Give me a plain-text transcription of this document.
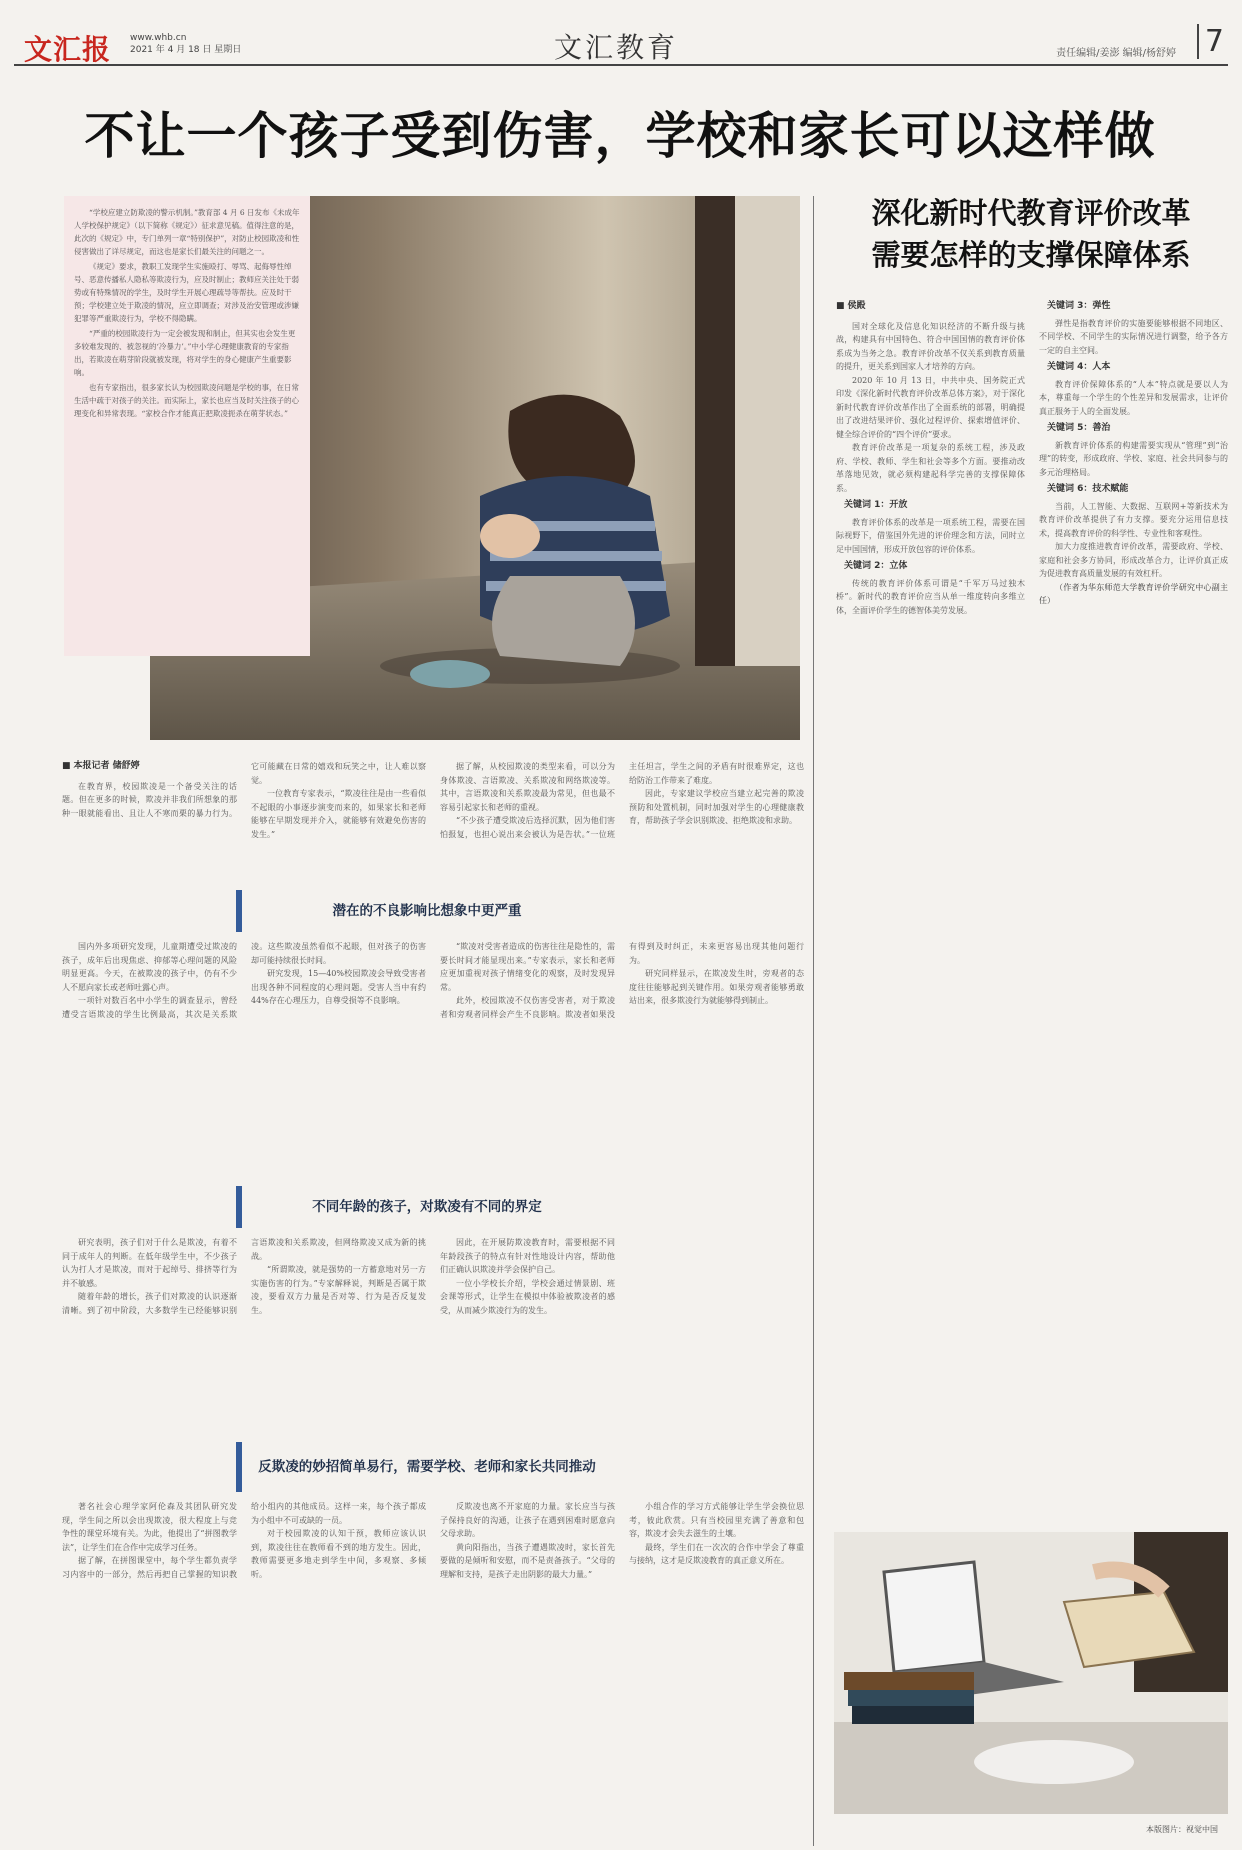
文汇报 www.whb.cn
2021 年 4 月 18 日 星期日	文汇教育	责任编辑/姜澎 编辑/杨舒婷 7
不让一个孩子受到伤害，学校和家长可以这样做

“学校应建立防欺凌的警示机制。”教育部 4 月 6 日发布《未成年人学校保护规定》（以下简称《规定》）征求意见稿。值得注意的是，此次的《规定》中，专门单列一章“特别保护”，对防止校园欺凌和性侵害做出了详尽规定，而这也是家长们最关注的问题之一。

《规定》要求，教职工发现学生实施殴打、辱骂、起侮辱性绰号、恶意传播私人隐私等欺凌行为，应及时制止；教师应关注处于弱势或有特殊情况的学生，及时学生开展心理疏导等帮扶。应及时干预；学校建立处于欺凌的情况，应立即调查；对涉及治安管理或涉嫌犯罪等严重欺凌行为，学校不得隐瞒。

“严重的校园欺凌行为一定会被发现和制止，但其实也会发生更多较难发现的、被忽视的‘冷暴力’。”中小学心理健康教育的专家指出，若欺凌在萌芽阶段就被发现，将对学生的身心健康产生重要影响。

也有专家指出，很多家长认为校园欺凌问题是学校的事，在日常生活中疏于对孩子的关注。而实际上，家长也应当及时关注孩子的心理变化和异常表现。“家校合作才能真正把欺凌扼杀在萌芽状态。”

■ 本报记者 储舒婷

在教育界，校园欺凌是一个备受关注的话题。但在更多的时候，欺凌并非我们所想象的那种一眼就能看出、且让人不寒而栗的暴力行为。它可能藏在日常的嬉戏和玩笑之中，让人难以察觉。

一位教育专家表示，“欺凌往往是由一些看似不起眼的小事逐步演变而来的，如果家长和老师能够在早期发现并介入，就能够有效避免伤害的发生。”

据了解，从校园欺凌的类型来看，可以分为身体欺凌、言语欺凌、关系欺凌和网络欺凌等。其中，言语欺凌和关系欺凌最为常见，但也最不容易引起家长和老师的重视。

“不少孩子遭受欺凌后选择沉默，因为他们害怕报复，也担心说出来会被认为是告状。”一位班主任坦言，学生之间的矛盾有时很难界定，这也给防治工作带来了难度。

因此，专家建议学校应当建立起完善的欺凌预防和处置机制，同时加强对学生的心理健康教育，帮助孩子学会识别欺凌、拒绝欺凌和求助。

潜在的不良影响比想象中更严重

国内外多项研究发现，儿童期遭受过欺凌的孩子，成年后出现焦虑、抑郁等心理问题的风险明显更高。今天，在被欺凌的孩子中，仍有不少人不愿向家长或老师吐露心声。

一项针对数百名中小学生的调查显示，曾经遭受言语欺凌的学生比例最高，其次是关系欺凌。这些欺凌虽然看似不起眼，但对孩子的伤害却可能持续很长时间。

研究发现，15—40%校园欺凌会导致受害者出现各种不同程度的心理问题。受害人当中有约44%存在心理压力，自尊受损等不良影响。

“欺凌对受害者造成的伤害往往是隐性的，需要长时间才能显现出来。”专家表示，家长和老师应更加重视对孩子情绪变化的观察，及时发现异常。

此外，校园欺凌不仅伤害受害者，对于欺凌者和旁观者同样会产生不良影响。欺凌者如果没有得到及时纠正，未来更容易出现其他问题行为。

研究同样显示，在欺凌发生时，旁观者的态度往往能够起到关键作用。如果旁观者能够勇敢站出来，很多欺凌行为就能够得到制止。

不同年龄的孩子，对欺凌有不同的界定

研究表明，孩子们对于什么是欺凌，有着不同于成年人的判断。在低年级学生中，不少孩子认为打人才是欺凌，而对于起绰号、排挤等行为并不敏感。

随着年龄的增长，孩子们对欺凌的认识逐渐清晰。到了初中阶段，大多数学生已经能够识别言语欺凌和关系欺凌，但网络欺凌又成为新的挑战。

“所谓欺凌，就是强势的一方蓄意地对另一方实施伤害的行为。”专家解释说，判断是否属于欺凌，要看双方力量是否对等、行为是否反复发生。

因此，在开展防欺凌教育时，需要根据不同年龄段孩子的特点有针对性地设计内容，帮助他们正确认识欺凌并学会保护自己。

一位小学校长介绍，学校会通过情景剧、班会课等形式，让学生在模拟中体验被欺凌者的感受，从而减少欺凌行为的发生。

反欺凌的妙招简单易行，需要学校、老师和家长共同推动

著名社会心理学家阿伦森及其团队研究发现，学生间之所以会出现欺凌，很大程度上与竞争性的课堂环境有关。为此，他提出了“拼图教学法”，让学生们在合作中完成学习任务。

据了解，在拼图课堂中，每个学生都负责学习内容中的一部分，然后再把自己掌握的知识教给小组内的其他成员。这样一来，每个孩子都成为小组中不可或缺的一员。

对于校园欺凌的认知干预，教师应该认识到，欺凌往往在教师看不到的地方发生。因此，教师需要更多地走到学生中间，多观察、多倾听。

反欺凌也离不开家庭的力量。家长应当与孩子保持良好的沟通，让孩子在遇到困难时愿意向父母求助。

黄向阳指出，当孩子遭遇欺凌时，家长首先要做的是倾听和安慰，而不是责备孩子。“父母的理解和支持，是孩子走出阴影的最大力量。”

小组合作的学习方式能够让学生学会换位思考，彼此欣赏。只有当校园里充满了善意和包容，欺凌才会失去滋生的土壤。

最终，学生们在一次次的合作中学会了尊重与接纳，这才是反欺凌教育的真正意义所在。

深化新时代教育评价改革
需要怎样的支撑保障体系
■ 侯殿

国对全球化及信息化知识经济的不断升级与挑战，构建具有中国特色、符合中国国情的教育评价体系成为当务之急。教育评价改革不仅关系到教育质量的提升，更关系到国家人才培养的方向。

2020 年 10 月 13 日，中共中央、国务院正式印发《深化新时代教育评价改革总体方案》，对于深化新时代教育评价改革作出了全面系统的部署，明确提出了改进结果评价、强化过程评价、探索增值评价、健全综合评价的“四个评价”要求。

教育评价改革是一项复杂的系统工程，涉及政府、学校、教师、学生和社会等多个方面。要推动改革落地见效，就必须构建起科学完善的支撑保障体系。

关键词 1：开放

教育评价体系的改革是一项系统工程，需要在国际视野下，借鉴国外先进的评价理念和方法，同时立足中国国情，形成开放包容的评价体系。

关键词 2：立体

传统的教育评价体系可谓是“千军万马过独木桥”。新时代的教育评价应当从单一维度转向多维立体，全面评价学生的德智体美劳发展。

关键词 3：弹性

弹性是指教育评价的实施要能够根据不同地区、不同学校、不同学生的实际情况进行调整，给予各方一定的自主空间。

关键词 4：人本

教育评价保障体系的“人本”特点就是要以人为本，尊重每一个学生的个性差异和发展需求，让评价真正服务于人的全面发展。

关键词 5：善治

新教育评价体系的构建需要实现从“管理”到“治理”的转变，形成政府、学校、家庭、社会共同参与的多元治理格局。

关键词 6：技术赋能

当前，人工智能、大数据、互联网+等新技术为教育评价改革提供了有力支撑。要充分运用信息技术，提高教育评价的科学性、专业性和客观性。

加大力度推进教育评价改革，需要政府、学校、家庭和社会多方协同，形成改革合力，让评价真正成为促进教育高质量发展的有效杠杆。

（作者为华东师范大学教育评价学研究中心副主任）

本版图片：视觉中国
